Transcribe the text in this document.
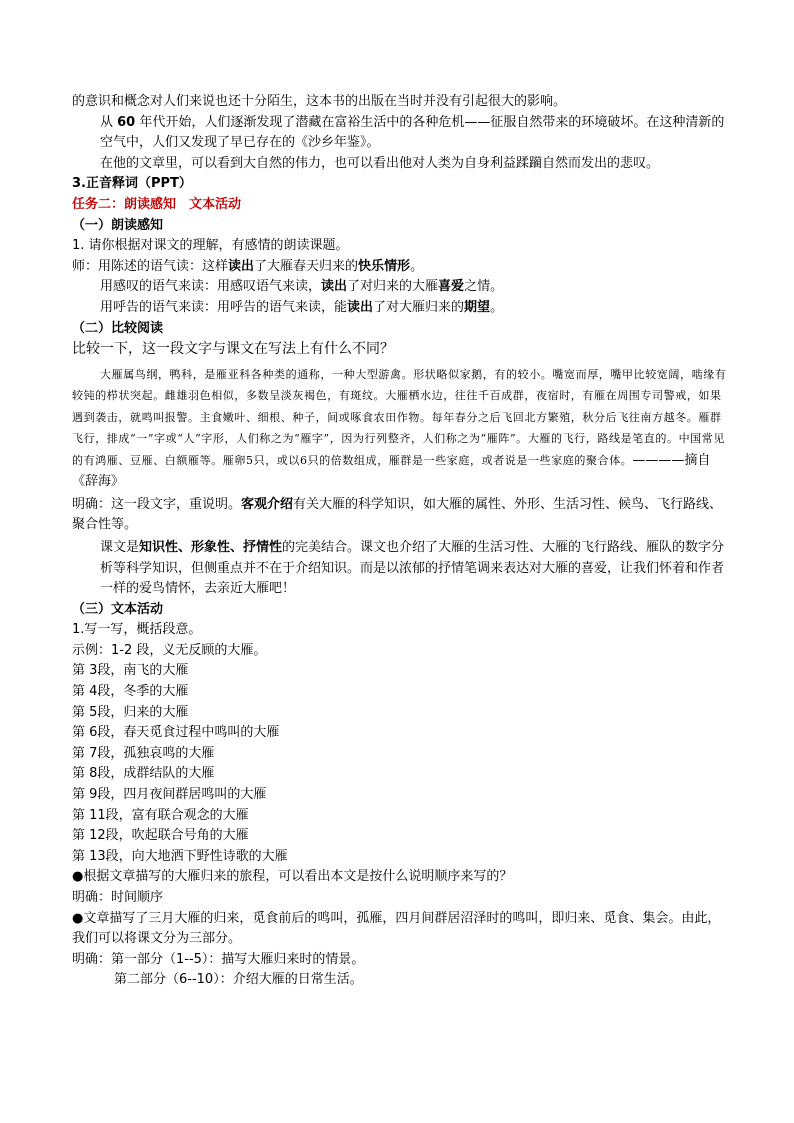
的意识和概念对人们来说也还十分陌生，这本书的出版在当时并没有引起很大的影响。
从 60 年代开始，人们逐渐发现了潜藏在富裕生活中的各种危机——征服自然带来的环境破坏。在这种清新的空气中，人们又发现了早已存在的《沙乡年鉴》。
在他的文章里，可以看到大自然的伟力，也可以看出他对人类为自身利益蹂躏自然而发出的悲叹。
3.正音释词（PPT）
任务二：朗读感知　文本活动
（一）朗读感知
1. 请你根据对课文的理解，有感情的朗读课题。
师：用陈述的语气读：这样读出了大雁春天归来的快乐情形。
用感叹的语气来读：用感叹语气来读，读出了对归来的大雁喜爱之情。
用呼告的语气来读：用呼告的语气来读，能读出了对大雁归来的期望。
（二）比较阅读
比较一下，这一段文字与课文在写法上有什么不同？
大雁属鸟纲，鸭科，是雁亚科各种类的通称，一种大型游禽。形状略似家鹅，有的较小。嘴宽而厚，嘴甲比较宽阔，啮缘有较钝的栉状突起。雌雄羽色相似，多数呈淡灰褐色，有斑纹。大雁栖水边，往往千百成群，夜宿时，有雁在周围专司警戒，如果遇到袭击，就鸣叫报警。主食嫩叶、细根、种子，间或啄食农田作物。每年春分之后飞回北方繁殖，秋分后飞往南方越冬。雁群飞行，排成“一”字或“人”字形，人们称之为“雁字”，因为行列整齐，人们称之为“雁阵”。大雁的飞行，路线是笔直的。中国常见的有鸿雁、豆雁、白额雁等。雁卵5只，或以6只的倍数组成，雁群是一些家庭，或者说是一些家庭的聚合体。————摘自《辞海》
明确：这一段文字，重说明。客观介绍有关大雁的科学知识，如大雁的属性、外形、生活习性、候鸟、飞行路线、聚合性等。
课文是知识性、形象性、抒情性的完美结合。课文也介绍了大雁的生活习性、大雁的飞行路线、雁队的数字分析等科学知识，但侧重点并不在于介绍知识。而是以浓郁的抒情笔调来表达对大雁的喜爱，让我们怀着和作者一样的爱鸟情怀，去亲近大雁吧！
（三）文本活动
1.写一写，概括段意。
示例：1-2 段，义无反顾的大雁。
第 3段，南飞的大雁
第 4段，冬季的大雁
第 5段，归来的大雁
第 6段，春天觅食过程中鸣叫的大雁
第 7段，孤独哀鸣的大雁
第 8段，成群结队的大雁
第 9段，四月夜间群居鸣叫的大雁
第 11段，富有联合观念的大雁
第 12段，吹起联合号角的大雁
第 13段，向大地洒下野性诗歌的大雁
●根据文章描写的大雁归来的旅程，可以看出本文是按什么说明顺序来写的？
明确：时间顺序
●文章描写了三月大雁的归来，觅食前后的鸣叫，孤雁，四月间群居沼泽时的鸣叫，即归来、觅食、集会。由此，我们可以将课文分为三部分。
明确：第一部分（1--5）：描写大雁归来时的情景。
第二部分（6--10）：介绍大雁的日常生活。
